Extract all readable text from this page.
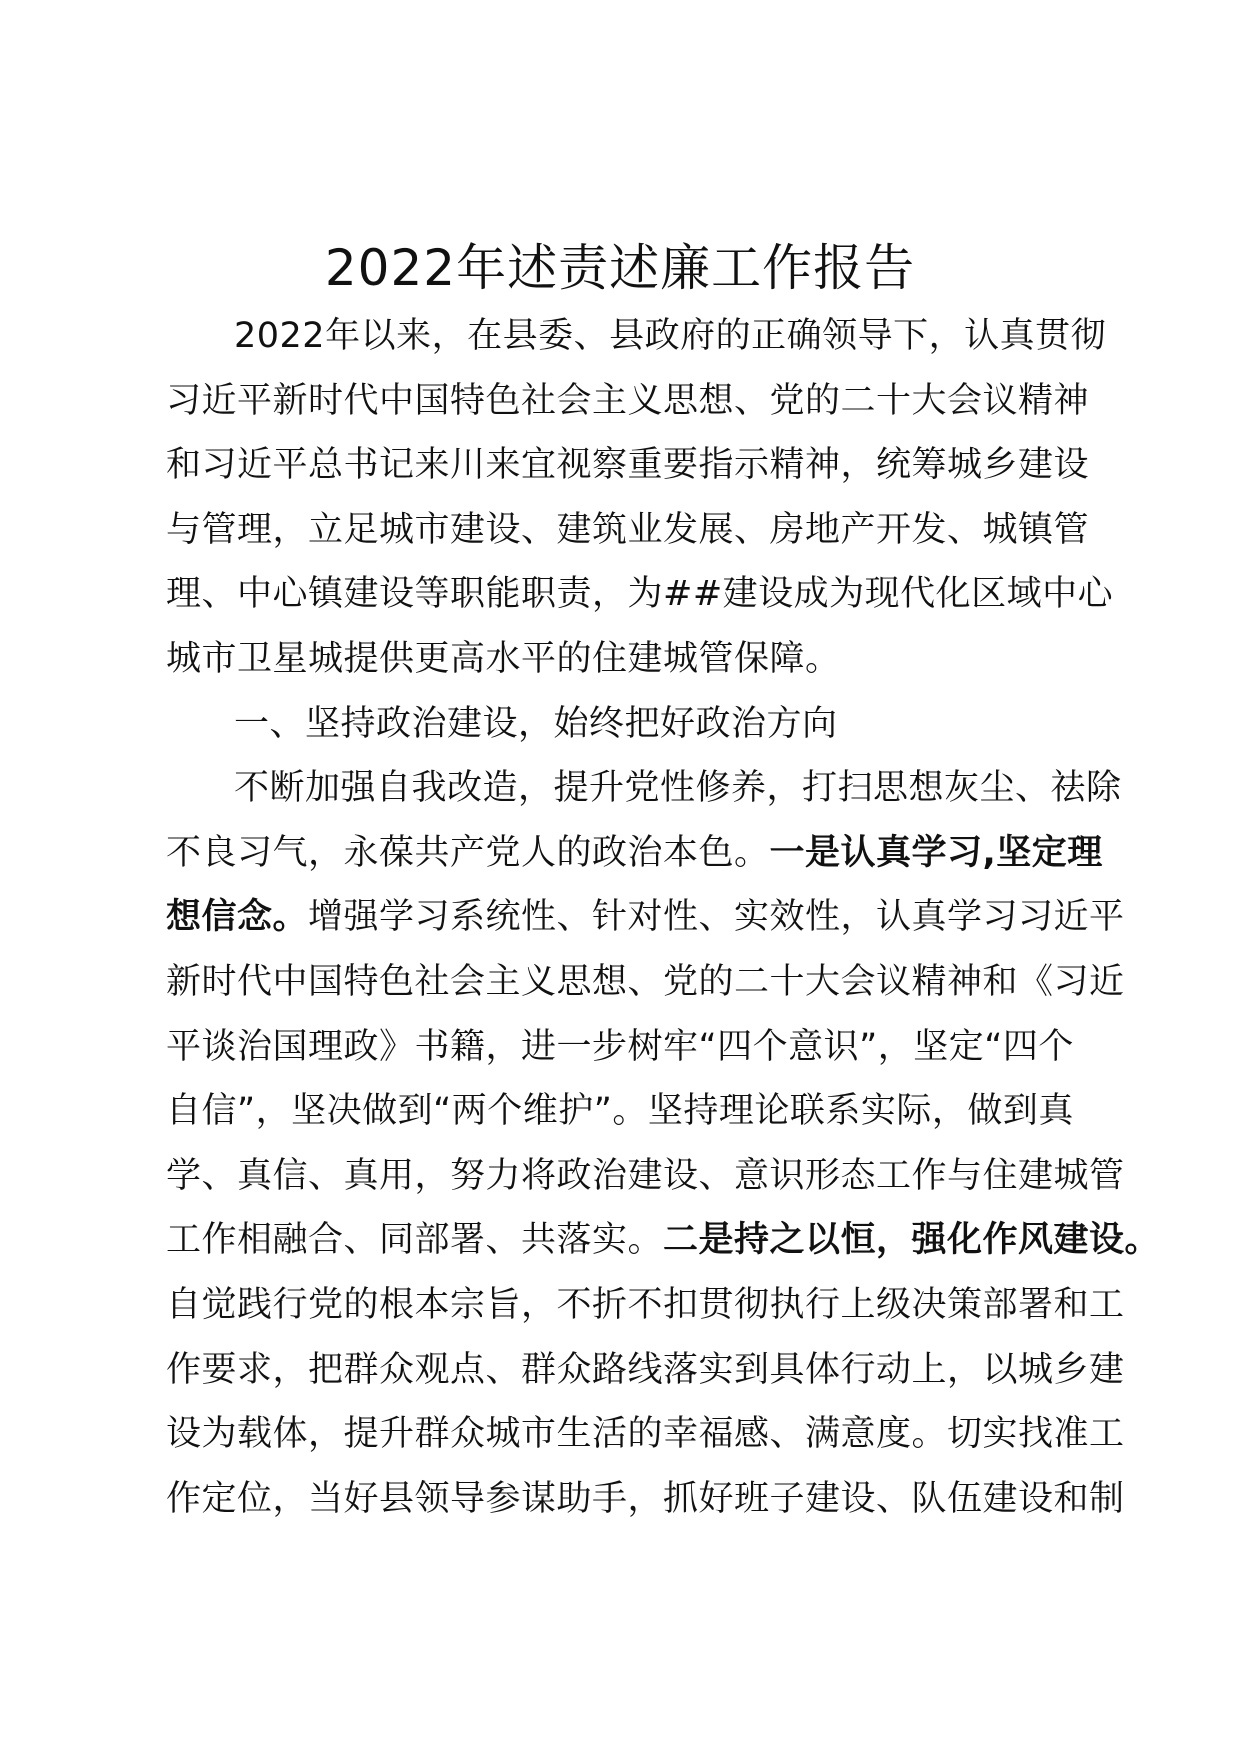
2022年述责述廉工作报告
2022年以来，在县委、县政府的正确领导下，认真贯彻
习近平新时代中国特色社会主义思想、党的二十大会议精神
和习近平总书记来川来宜视察重要指示精神，统筹城乡建设
与管理，立足城市建设、建筑业发展、房地产开发、城镇管
理、中心镇建设等职能职责，为##建设成为现代化区域中心
城市卫星城提供更高水平的住建城管保障。
一、坚持政治建设，始终把好政治方向
不断加强自我改造，提升党性修养，打扫思想灰尘、祛除
不良习气，永葆共产党人的政治本色。一是认真学习,坚定理
想信念。增强学习系统性、针对性、实效性，认真学习习近平
新时代中国特色社会主义思想、党的二十大会议精神和《习近
平谈治国理政》书籍，进一步树牢“四个意识”，坚定“四个
自信”，坚决做到“两个维护”。坚持理论联系实际，做到真
学、真信、真用，努力将政治建设、意识形态工作与住建城管
工作相融合、同部署、共落实。二是持之以恒，强化作风建设。
自觉践行党的根本宗旨，不折不扣贯彻执行上级决策部署和工
作要求，把群众观点、群众路线落实到具体行动上，以城乡建
设为载体，提升群众城市生活的幸福感、满意度。切实找准工
作定位，当好县领导参谋助手，抓好班子建设、队伍建设和制
